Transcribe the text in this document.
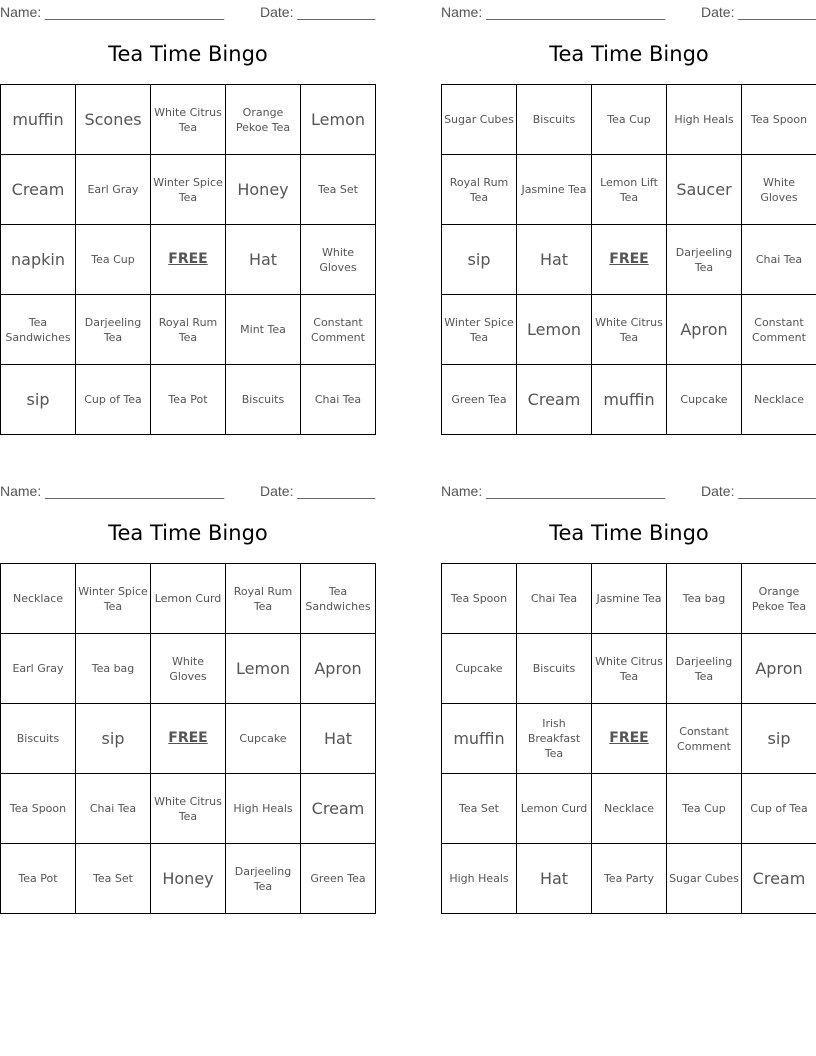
Name: _______________________	Date: __________
Tea Time Bingo
muffin	Scones	White Citrus Tea	Orange Pekoe Tea	Lemon
Cream	Earl Gray	Winter Spice Tea	Honey	Tea Set
napkin	Tea Cup	FREE	Hat	White Gloves
Tea Sandwiches	Darjeeling Tea	Royal Rum Tea	Mint Tea	Constant Comment
sip	Cup of Tea	Tea Pot	Biscuits	Chai Tea
Name: _______________________	Date: __________
Tea Time Bingo
Sugar Cubes	Biscuits	Tea Cup	High Heals	Tea Spoon
Royal Rum Tea	Jasmine Tea	Lemon Lift Tea	Saucer	White Gloves
sip	Hat	FREE	Darjeeling Tea	Chai Tea
Winter Spice Tea	Lemon	White Citrus Tea	Apron	Constant Comment
Green Tea	Cream	muffin	Cupcake	Necklace
Name: _______________________	Date: __________
Tea Time Bingo
Necklace	Winter Spice Tea	Lemon Curd	Royal Rum Tea	Tea Sandwiches
Earl Gray	Tea bag	White Gloves	Lemon	Apron
Biscuits	sip	FREE	Cupcake	Hat
Tea Spoon	Chai Tea	White Citrus Tea	High Heals	Cream
Tea Pot	Tea Set	Honey	Darjeeling Tea	Green Tea
Name: _______________________	Date: __________
Tea Time Bingo
Tea Spoon	Chai Tea	Jasmine Tea	Tea bag	Orange Pekoe Tea
Cupcake	Biscuits	White Citrus Tea	Darjeeling Tea	Apron
muffin	Irish Breakfast Tea	FREE	Constant Comment	sip
Tea Set	Lemon Curd	Necklace	Tea Cup	Cup of Tea
High Heals	Hat	Tea Party	Sugar Cubes	Cream
